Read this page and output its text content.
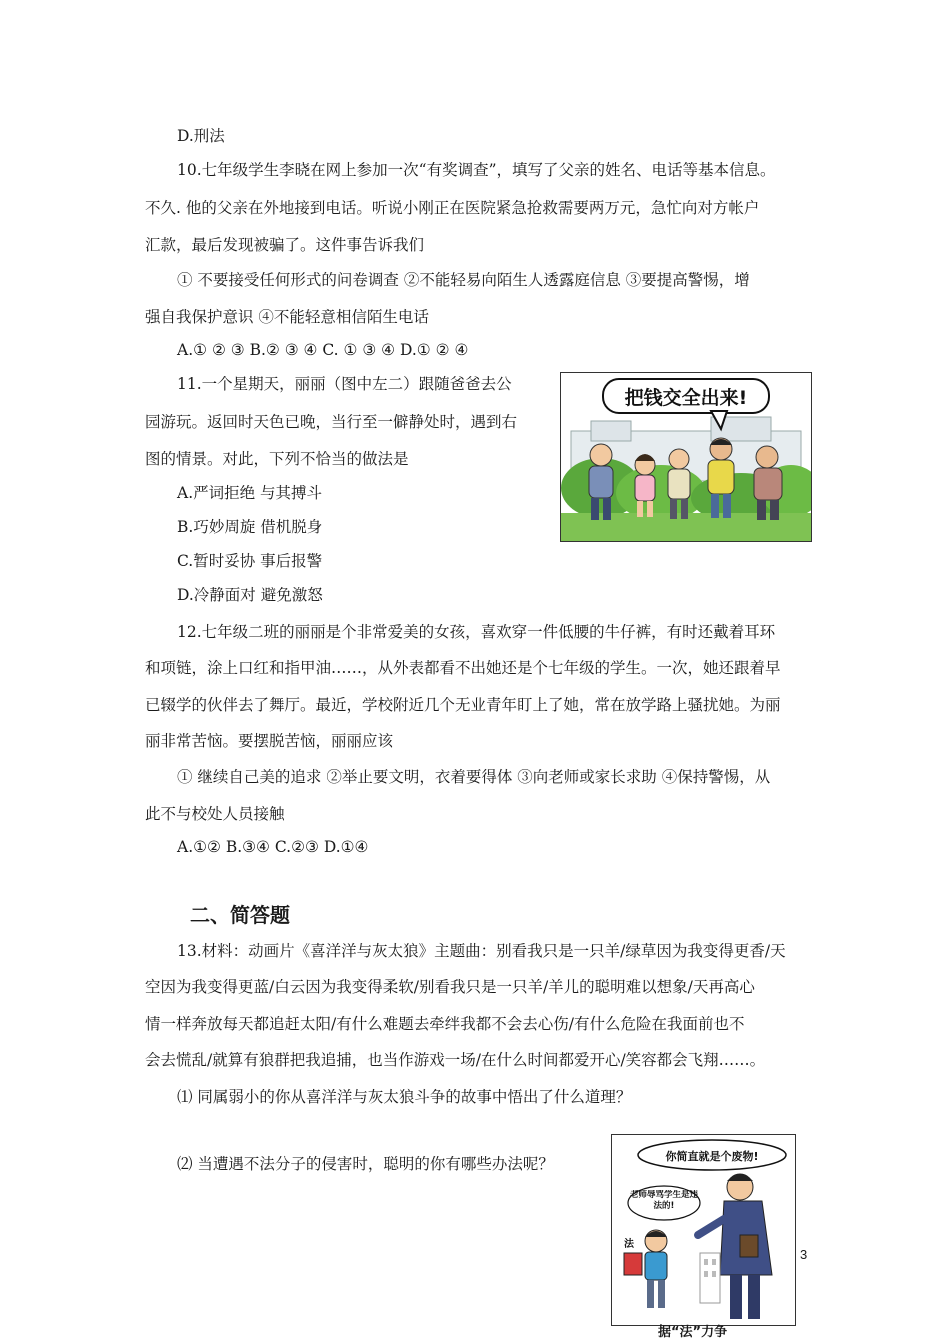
D.刑法
10.七年级学生李晓在网上参加一次“有奖调查”，填写了父亲的姓名、电话等基本信息。
不久. 他的父亲在外地接到电话。听说小刚正在医院紧急抢救需要两万元，急忙向对方帐户
汇款，最后发现被骗了。这件事告诉我们
① 不要接受任何形式的问卷调查 ②不能轻易向陌生人透露庭信息 ③要提高警惕，增
强自我保护意识 ④不能轻意相信陌生电话
A.① ② ③ B.② ③ ④ C. ① ③ ④ D.① ② ④
11.一个星期天，丽丽（图中左二）跟随爸爸去公
园游玩。返回时天色已晚，当行至一僻静处时，遇到右
图的情景。对此，下列不恰当的做法是
A.严词拒绝 与其搏斗
B.巧妙周旋 借机脱身
C.暂时妥协 事后报警
D.冷静面对 避免激怒
把钱交全出来!
12.七年级二班的丽丽是个非常爱美的女孩，喜欢穿一件低腰的牛仔裤，有时还戴着耳环
和项链，涂上口红和指甲油……，从外表都看不出她还是个七年级的学生。一次，她还跟着早
已辍学的伙伴去了舞厅。最近，学校附近几个无业青年盯上了她，常在放学路上骚扰她。为丽
丽非常苦恼。要摆脱苦恼，丽丽应该
① 继续自己美的追求 ②举止要文明，衣着要得体 ③向老师或家长求助 ④保持警惕，从
此不与校处人员接触
A.①② B.③④ C.②③ D.①④
二、简答题
13.材料：动画片《喜洋洋与灰太狼》主题曲：别看我只是一只羊/绿草因为我变得更香/天
空因为我变得更蓝/白云因为我变得柔软/别看我只是一只羊/羊儿的聪明难以想象/天再高心
情一样奔放每天都追赶太阳/有什么难题去牵绊我都不会去心伤/有什么危险在我面前也不
会去慌乱/就算有狼群把我追捕，也当作游戏一场/在什么时间都爱开心/笑容都会飞翔……。
⑴ 同属弱小的你从喜洋洋与灰太狼斗争的故事中悟出了什么道理？
⑵ 当遭遇不法分子的侵害时，聪明的你有哪些办法呢？	你简直就是个废物!
老师辱骂学生是违法的!
法
3
据“法”力争
